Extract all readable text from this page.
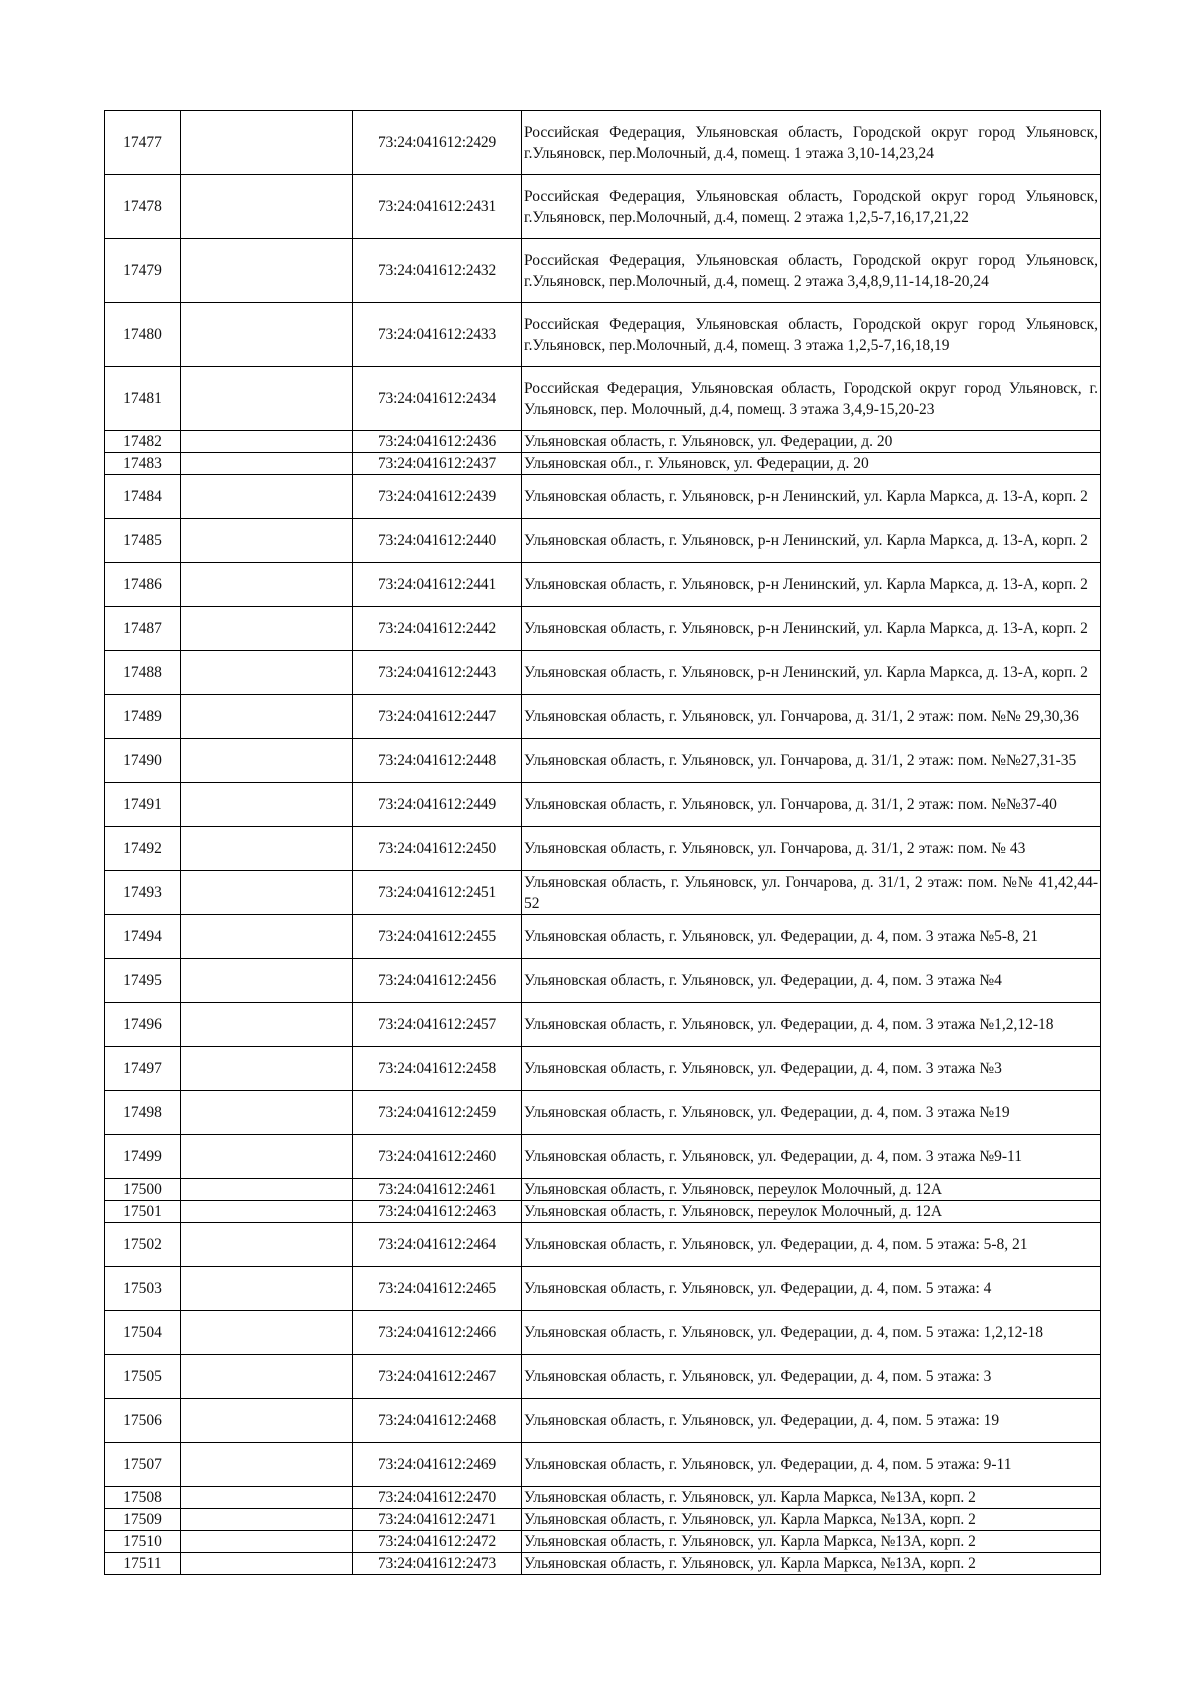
17477		73:24:041612:2429	Российская Федерация, Ульяновская область, Городской округ город Ульяновск, г.Ульяновск, пер.Молочный, д.4, помещ. 1 этажа 3,10-14,23,24
17478		73:24:041612:2431	Российская Федерация, Ульяновская область, Городской округ город Ульяновск, г.Ульяновск, пер.Молочный, д.4, помещ. 2 этажа 1,2,5-7,16,17,21,22
17479		73:24:041612:2432	Российская Федерация, Ульяновская область, Городской округ город Ульяновск, г.Ульяновск, пер.Молочный, д.4, помещ. 2 этажа 3,4,8,9,11-14,18-20,24
17480		73:24:041612:2433	Российская Федерация, Ульяновская область, Городской округ город Ульяновск, г.Ульяновск, пер.Молочный, д.4, помещ. 3 этажа 1,2,5-7,16,18,19
17481		73:24:041612:2434	Российская Федерация, Ульяновская область, Городской округ город Ульяновск, г. Ульяновск, пер. Молочный, д.4, помещ. 3 этажа 3,4,9-15,20-23
17482		73:24:041612:2436	Ульяновская область, г. Ульяновск, ул. Федерации, д. 20
17483		73:24:041612:2437	Ульяновская обл., г. Ульяновск, ул. Федерации, д. 20
17484		73:24:041612:2439	Ульяновская область, г. Ульяновск, р-н Ленинский, ул. Карла Маркса, д. 13-А, корп. 2
17485		73:24:041612:2440	Ульяновская область, г. Ульяновск, р-н Ленинский, ул. Карла Маркса, д. 13-А, корп. 2
17486		73:24:041612:2441	Ульяновская область, г. Ульяновск, р-н Ленинский, ул. Карла Маркса, д. 13-А, корп. 2
17487		73:24:041612:2442	Ульяновская область, г. Ульяновск, р-н Ленинский, ул. Карла Маркса, д. 13-А, корп. 2
17488		73:24:041612:2443	Ульяновская область, г. Ульяновск, р-н Ленинский, ул. Карла Маркса, д. 13-А, корп. 2
17489		73:24:041612:2447	Ульяновская область, г. Ульяновск, ул. Гончарова, д. 31/1, 2 этаж: пом. №№ 29,30,36
17490		73:24:041612:2448	Ульяновская область, г. Ульяновск, ул. Гончарова, д. 31/1, 2 этаж: пом. №№27,31-35
17491		73:24:041612:2449	Ульяновская область, г. Ульяновск, ул. Гончарова, д. 31/1, 2 этаж: пом. №№37-40
17492		73:24:041612:2450	Ульяновская область, г. Ульяновск, ул. Гончарова, д. 31/1, 2 этаж: пом. № 43
17493		73:24:041612:2451	Ульяновская область, г. Ульяновск, ул. Гончарова, д. 31/1, 2 этаж: пом. №№ 41,42,44-52
17494		73:24:041612:2455	Ульяновская область, г. Ульяновск, ул. Федерации, д. 4, пом. 3 этажа №5-8, 21
17495		73:24:041612:2456	Ульяновская область, г. Ульяновск, ул. Федерации, д. 4, пом. 3 этажа №4
17496		73:24:041612:2457	Ульяновская область, г. Ульяновск, ул. Федерации, д. 4, пом. 3 этажа №1,2,12-18
17497		73:24:041612:2458	Ульяновская область, г. Ульяновск, ул. Федерации, д. 4, пом. 3 этажа №3
17498		73:24:041612:2459	Ульяновская область, г. Ульяновск, ул. Федерации, д. 4, пом. 3 этажа №19
17499		73:24:041612:2460	Ульяновская область, г. Ульяновск, ул. Федерации, д. 4, пом. 3 этажа №9-11
17500		73:24:041612:2461	Ульяновская область, г. Ульяновск, переулок Молочный, д. 12А
17501		73:24:041612:2463	Ульяновская область, г. Ульяновск, переулок Молочный, д. 12А
17502		73:24:041612:2464	Ульяновская область, г. Ульяновск, ул. Федерации, д. 4, пом. 5 этажа: 5-8, 21
17503		73:24:041612:2465	Ульяновская область, г. Ульяновск, ул. Федерации, д. 4, пом. 5 этажа: 4
17504		73:24:041612:2466	Ульяновская область, г. Ульяновск, ул. Федерации, д. 4, пом. 5 этажа: 1,2,12-18
17505		73:24:041612:2467	Ульяновская область, г. Ульяновск, ул. Федерации, д. 4, пом. 5 этажа: 3
17506		73:24:041612:2468	Ульяновская область, г. Ульяновск, ул. Федерации, д. 4, пом. 5 этажа: 19
17507		73:24:041612:2469	Ульяновская область, г. Ульяновск, ул. Федерации, д. 4, пом. 5 этажа: 9-11
17508		73:24:041612:2470	Ульяновская область, г. Ульяновск, ул. Карла Маркса, №13А, корп. 2
17509		73:24:041612:2471	Ульяновская область, г. Ульяновск, ул. Карла Маркса, №13А, корп. 2
17510		73:24:041612:2472	Ульяновская область, г. Ульяновск, ул. Карла Маркса, №13А, корп. 2
17511		73:24:041612:2473	Ульяновская область, г. Ульяновск, ул. Карла Маркса, №13А, корп. 2
